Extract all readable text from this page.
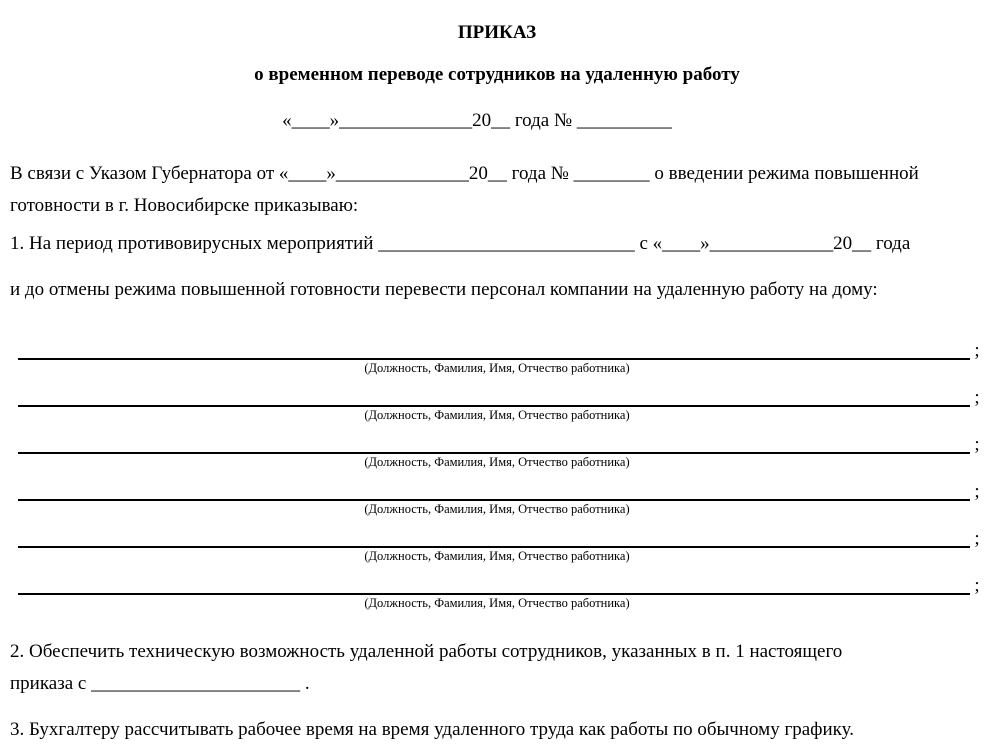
ПРИКАЗ
о временном переводе сотрудников на удаленную работу
«____»______________20__ года № __________
В связи с Указом Губернатора от «____»______________20__ года № ________ о введении режима повышенной
готовности в г. Новосибирске приказываю:
1. На период противовирусных мероприятий ___________________________ с «____»_____________20__ года
и до отмены режима повышенной готовности перевести персонал компании на удаленную работу на дому:
;
(Должность, Фамилия, Имя, Отчество работника)
;
(Должность, Фамилия, Имя, Отчество работника)
;
(Должность, Фамилия, Имя, Отчество работника)
;
(Должность, Фамилия, Имя, Отчество работника)
;
(Должность, Фамилия, Имя, Отчество работника)
;
(Должность, Фамилия, Имя, Отчество работника)
2. Обеспечить техническую возможность удаленной работы сотрудников, указанных в п. 1 настоящего
приказа с ______________________ .
3. Бухгалтеру рассчитывать рабочее время на время удаленного труда как работы по обычному графику.
